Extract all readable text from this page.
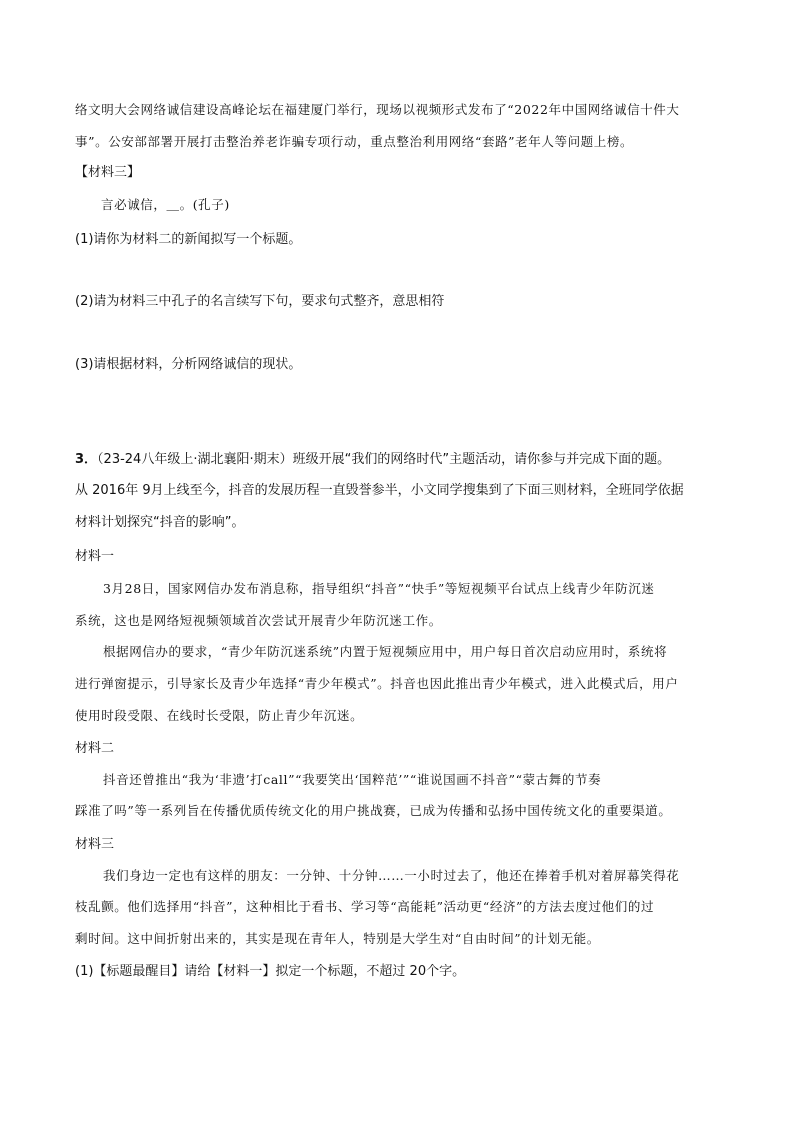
络文明大会网络诚信建设高峰论坛在福建厦门举行，现场以视频形式发布了“2022年中国网络诚信十件大
事”。公安部部署开展打击整治养老诈骗专项行动，重点整治利用网络“套路”老年人等问题上榜。
【材料三】
言必诚信，＿。(孔子)
(1)请你为材料二的新闻拟写一个标题。
(2)请为材料三中孔子的名言续写下句，要求句式整齐，意思相符
(3)请根据材料，分析网络诚信的现状。
3．（23-24八年级上·湖北襄阳·期末）班级开展“我们的网络时代”主题活动，请你参与并完成下面的题。
从 2016年 9月上线至今，抖音的发展历程一直毁誉参半，小文同学搜集到了下面三则材料，全班同学依据
材料计划探究“抖音的影响”。
材料一
3月28日，国家网信办发布消息称，指导组织“抖音”“快手”等短视频平台试点上线青少年防沉迷
系统，这也是网络短视频领域首次尝试开展青少年防沉迷工作。
根据网信办的要求，“青少年防沉迷系统”内置于短视频应用中，用户每日首次启动应用时，系统将
进行弹窗提示，引导家长及青少年选择“青少年模式”。抖音也因此推出青少年模式，进入此模式后，用户
使用时段受限、在线时长受限，防止青少年沉迷。
材料二
抖音还曾推出“我为‘非遗’打call”“我要笑出‘国粹范’”“谁说国画不抖音”“蒙古舞的节奏
踩准了吗”等一系列旨在传播优质传统文化的用户挑战赛，已成为传播和弘扬中国传统文化的重要渠道。
材料三
我们身边一定也有这样的朋友：一分钟、十分钟……一小时过去了，他还在捧着手机对着屏幕笑得花
枝乱颤。他们选择用“抖音”，这种相比于看书、学习等“高能耗”活动更“经济”的方法去度过他们的过
剩时间。这中间折射出来的，其实是现在青年人，特别是大学生对“自由时间”的计划无能。
(1)【标题最醒目】请给【材料一】拟定一个标题，不超过 20个字。
